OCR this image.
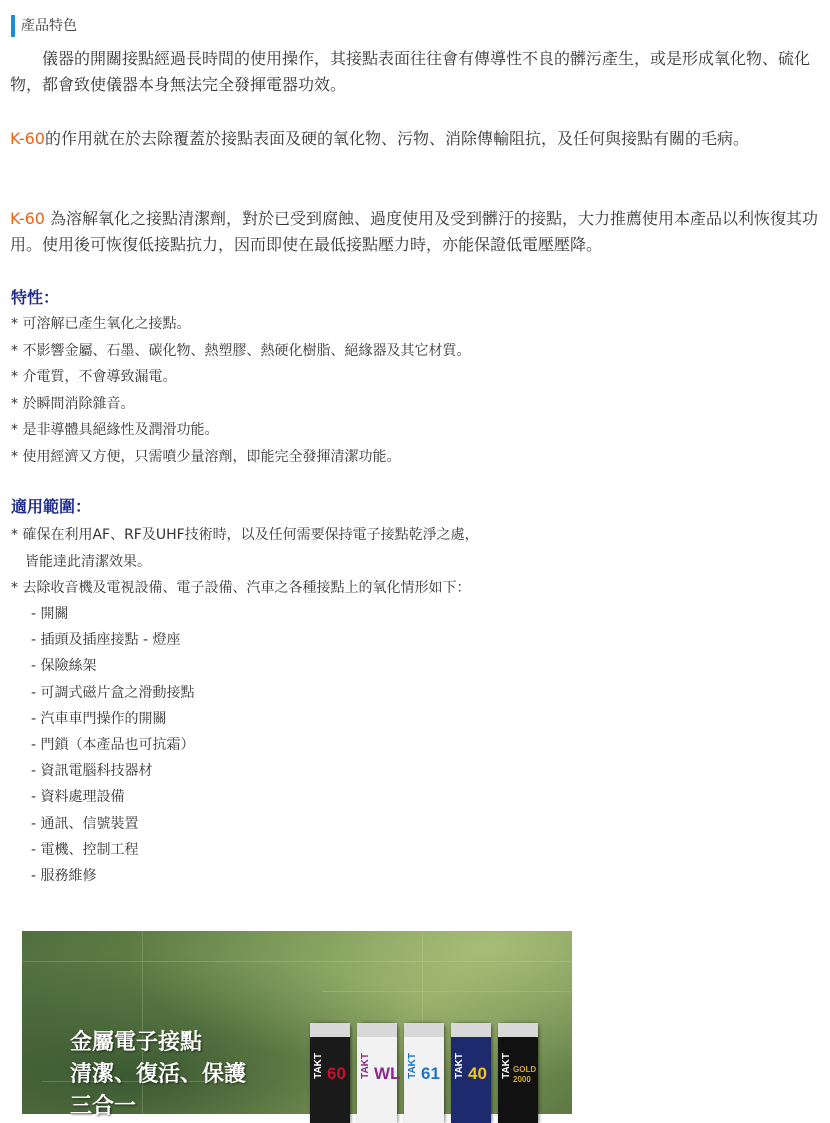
產品特色

儀器的開關接點經過長時間的使用操作，其接點表面往往會有傳導性不良的髒污產生，或是形成氧化物、硫化物，都會致使儀器本身無法完全發揮電器功效。

K-60的作用就在於去除覆蓋於接點表面及硬的氧化物、污物、消除傳輸阻抗，及任何與接點有關的毛病。

K-60 為溶解氧化之接點清潔劑，對於已受到腐蝕、過度使用及受到髒汙的接點，大力推薦使用本產品以利恢復其功用。使用後可恢復低接點抗力，因而即使在最低接點壓力時，亦能保證低電壓壓降。

特性：
* 可溶解已產生氧化之接點。
* 不影響金屬、石墨、碳化物、熱塑膠、熱硬化樹脂、絕緣器及其它材質。
* 介電質，不會導致漏電。
* 於瞬間消除雜音。
* 是非導體具絕緣性及潤滑功能。
* 使用經濟又方便，只需噴少量溶劑，即能完全發揮清潔功能。
適用範圍：
* 確保在利用AF、RF及UHF技術時，以及任何需要保持電子接點乾淨之處，
皆能達此清潔效果。
* 去除收音機及電視設備、電子設備、汽車之各種接點上的氧化情形如下：
- 開關
- 插頭及插座接點 - 燈座
- 保險絲架
- 可調式磁片盒之滑動接點
- 汽車車門操作的開關
- 門鎖（本產品也可抗霜）
- 資訊電腦科技器材
- 資料處理設備
- 通訊、信號裝置
- 電機、控制工程
- 服務維修
金屬電子接點
清潔、復活、保護
三合一
TAKT 60 TAKT WL TAKT 61 TAKT 40 TAKT GOLD 2000
